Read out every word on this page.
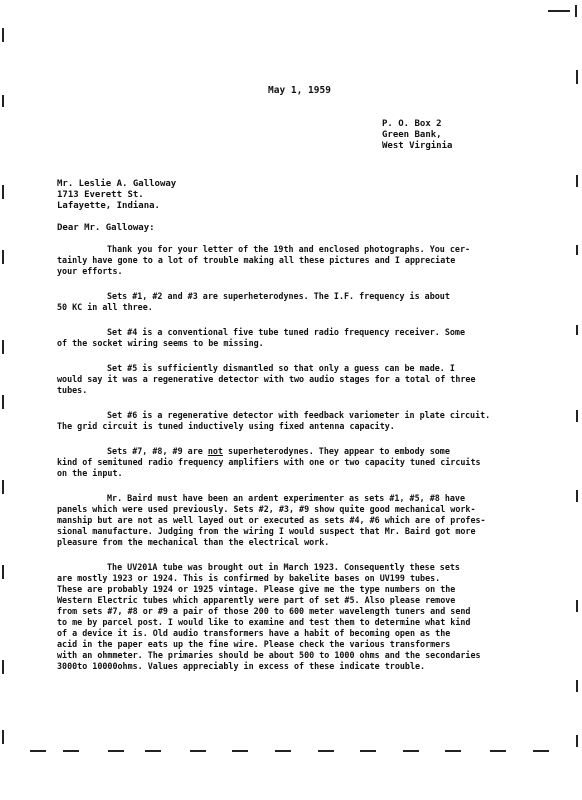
May 1, 1959
P. O. Box 2
Green Bank,
West Virginia
Mr. Leslie A. Galloway
1713 Everett St.
Lafayette, Indiana.
Dear Mr. Galloway:
Thank you for your letter of the 19th and enclosed photographs. You cer-
tainly have gone to a lot of trouble making all these pictures and I appreciate
your efforts.
Sets #1, #2 and #3 are superheterodynes. The I.F. frequency is about
50 KC in all three.
Set #4 is a conventional five tube tuned radio frequency receiver. Some
of the socket wiring seems to be missing.
Set #5 is sufficiently dismantled so that only a guess can be made. I
would say it was a regenerative detector with two audio stages for a total of three
tubes.
Set #6 is a regenerative detector with feedback variometer in plate circuit.
The grid circuit is tuned inductively using fixed antenna capacity.
Sets #7, #8, #9 are not superheterodynes. They appear to embody some
kind of semituned radio frequency amplifiers with one or two capacity tuned circuits
on the input.
Mr. Baird must have been an ardent experimenter as sets #1, #5, #8 have
panels which were used previously. Sets #2, #3, #9 show quite good mechanical work-
manship but are not as well layed out or executed as sets #4, #6 which are of profes-
sional manufacture. Judging from the wiring I would suspect that Mr. Baird got more
pleasure from the mechanical than the electrical work.
The UV201A tube was brought out in March 1923. Consequently these sets
are mostly 1923 or 1924. This is confirmed by bakelite bases on UV199 tubes.
These are probably 1924 or 1925 vintage. Please give me the type numbers on the
Western Electric tubes which apparently were part of set #5. Also please remove
from sets #7, #8 or #9 a pair of those 200 to 600 meter wavelength tuners and send
to me by parcel post. I would like to examine and test them to determine what kind
of a device it is. Old audio transformers have a habit of becoming open as the
acid in the paper eats up the fine wire. Please check the various transformers
with an ohmmeter. The primaries should be about 500 to 1000 ohms and the secondaries
3000to 10000ohms. Values appreciably in excess of these indicate trouble.
